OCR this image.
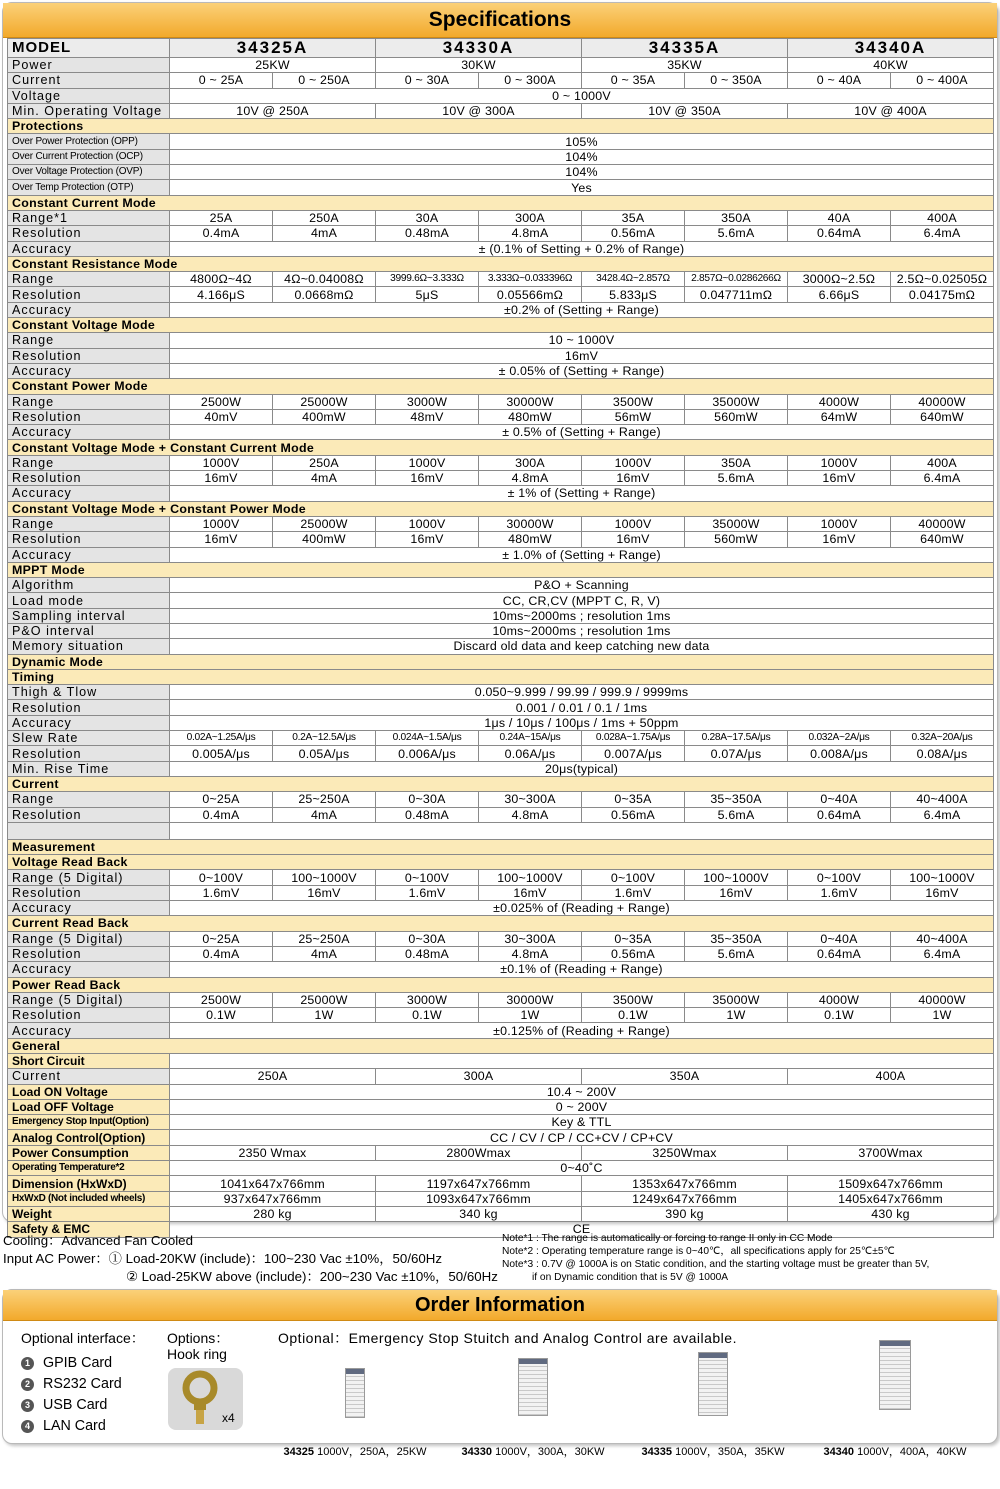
Specifications
MODEL	34325A		34330A		34335A		34340A	
Power	25KW		30KW		35KW		40KW	
Current	0 ~ 25A	0 ~ 250A	0 ~ 30A	0 ~ 300A	0 ~ 35A	0 ~ 350A	0 ~ 40A	0 ~ 400A
Voltage	0 ~ 1000V							
Min. Operating Voltage	10V @ 250A		10V @ 300A		10V @ 350A		10V @ 400A	
Protections								
Over Power Protection (OPP)	105%							
Over Current Protection (OCP)	104%							
Over Voltage Protection (OVP)	104%							
Over Temp Protection (OTP)	Yes							
Constant Current Mode								
Range*1	25A	250A	30A	300A	35A	350A	40A	400A
Resolution	0.4mA	4mA	0.48mA	4.8mA	0.56mA	5.6mA	0.64mA	6.4mA
Accuracy	± (0.1% of Setting + 0.2% of Range)							
Constant Resistance Mode								
Range	4800Ω~4Ω	4Ω~0.04008Ω	3999.6Ω~3.333Ω	3.333Ω~0.033396Ω	3428.4Ω~2.857Ω	2.857Ω~0.0286266Ω	3000Ω~2.5Ω	2.5Ω~0.02505Ω
Resolution	4.166μS	0.0668mΩ	5μS	0.05566mΩ	5.833μS	0.047711mΩ	6.66μS	0.04175mΩ
Accuracy	±0.2% of (Setting + Range)							
Constant Voltage Mode								
Range	10 ~ 1000V							
Resolution	16mV							
Accuracy	± 0.05% of (Setting + Range)							
Constant Power Mode								
Range	2500W	25000W	3000W	30000W	3500W	35000W	4000W	40000W
Resolution	40mV	400mW	48mV	480mW	56mW	560mW	64mW	640mW
Accuracy	± 0.5% of (Setting + Range)							
Constant Voltage Mode + Constant Current Mode								
Range	1000V	250A	1000V	300A	1000V	350A	1000V	400A
Resolution	16mV	4mA	16mV	4.8mA	16mV	5.6mA	16mV	6.4mA
Accuracy	± 1% of (Setting + Range)							
Constant Voltage Mode + Constant Power Mode								
Range	1000V	25000W	1000V	30000W	1000V	35000W	1000V	40000W
Resolution	16mV	400mW	16mV	480mW	16mV	560mW	16mV	640mW
Accuracy	± 1.0% of (Setting + Range)							
MPPT Mode								
Algorithm	P&O + Scanning							
Load mode	CC, CR,CV (MPPT C, R, V)							
Sampling interval	10ms~2000ms ; resolution 1ms							
P&O interval	10ms~2000ms ; resolution 1ms							
Memory situation	Discard old data and keep catching new data							
Dynamic Mode								
Timing								
Thigh & Tlow	0.050~9.999 / 99.99 / 999.9 / 9999ms							
Resolution	0.001 / 0.01 / 0.1 / 1ms							
Accuracy	1μs / 10μs / 100μs / 1ms + 50ppm							
Slew Rate	0.02A~1.25A/μs	0.2A~12.5A/μs	0.024A~1.5A/μs	0.24A~15A/μs	0.028A~1.75A/μs	0.28A~17.5A/μs	0.032A~2A/μs	0.32A~20A/μs
Resolution	0.005A/μs	0.05A/μs	0.006A/μs	0.06A/μs	0.007A/μs	0.07A/μs	0.008A/μs	0.08A/μs
Min. Rise Time	20μs(typical)							
Current								
Range	0~25A	25~250A	0~30A	30~300A	0~35A	35~350A	0~40A	40~400A
Resolution	0.4mA	4mA	0.48mA	4.8mA	0.56mA	5.6mA	0.64mA	6.4mA

Measurement								
Voltage Read Back								
Range (5 Digital)	0~100V	100~1000V	0~100V	100~1000V	0~100V	100~1000V	0~100V	100~1000V
Resolution	1.6mV	16mV	1.6mV	16mV	1.6mV	16mV	1.6mV	16mV
Accuracy	±0.025% of (Reading + Range)							
Current Read Back								
Range (5 Digital)	0~25A	25~250A	0~30A	30~300A	0~35A	35~350A	0~40A	40~400A
Resolution	0.4mA	4mA	0.48mA	4.8mA	0.56mA	5.6mA	0.64mA	6.4mA
Accuracy	±0.1% of (Reading + Range)							
Power Read Back								
Range (5 Digital)	2500W	25000W	3000W	30000W	3500W	35000W	4000W	40000W
Resolution	0.1W	1W	0.1W	1W	0.1W	1W	0.1W	1W
Accuracy	±0.125% of (Reading + Range)							
General								
Short Circuit								
Current	250A		300A		350A		400A	
Load ON Voltage	10.4 ~ 200V							
Load OFF Voltage	0 ~ 200V							
Emergency Stop Input(Option)	Key & TTL							
Analog Control(Option)	CC / CV / CP / CC+CV / CP+CV							
Power Consumption	2350 Wmax		2800Wmax		3250Wmax		3700Wmax	
Operating Temperature*2	0~40˚C							
Dimension (HxWxD)	1041x647x766mm		1197x647x766mm		1353x647x766mm		1509x647x766mm	
HxWxD (Not included wheels)	937x647x766mm		1093x647x766mm		1249x647x766mm		1405x647x766mm	
Weight	280 kg		340 kg		390 kg		430 kg	
Safety & EMC	CE							
Cooling：Advanced Fan Cooled
Input AC Power：① Load-20KW (include)：100~230 Vac ±10%，50/60Hz
② Load-25KW above (include)：200~230 Vac ±10%，50/60Hz
Note*1 : The range is automatically or forcing to range II only in CC Mode
Note*2 : Operating temperature range is 0~40℃，all specifications apply for 25℃±5℃
Note*3 : 0.7V @ 1000A is on Static condition, and the starting voltage must be greater than 5V,
if on Dynamic condition that is 5V @ 1000A
Order Information
Optional interface：
1 GPIB Card
2 RS232 Card
3 USB Card
4 LAN Card
Options：
Hook ring
x4
Optional：Emergency Stop Stuitch and Analog Control are available.
34325 1000V，250A，25KW	34330 1000V，300A，30KW	34335 1000V，350A，35KW	34340 1000V，400A，40KW
